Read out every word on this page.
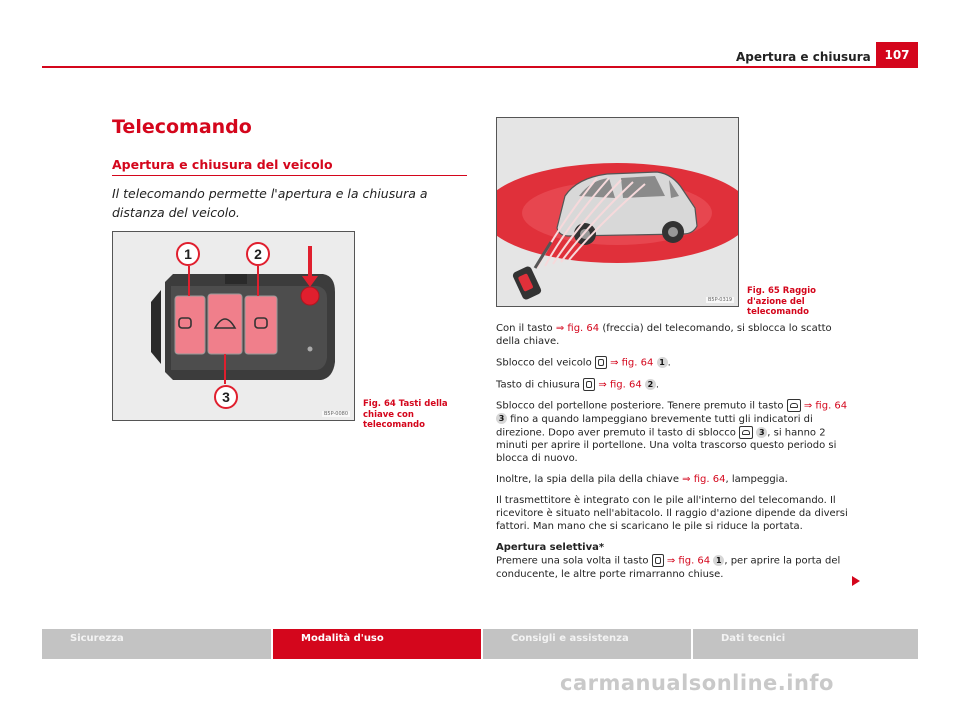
Apertura e chiusura	107
Telecomando
Apertura e chiusura del veicolo
Il telecomando permette l'apertura e la chiusura a distanza del veicolo.
1	2
3
B5P-0080
Fig. 64 Tasti della chiave con telecomando
B5P-0319
Fig. 65 Raggio d'azione del telecomando

Con il tasto ⇒ fig. 64 (freccia) del telecomando, si sblocca lo scatto della chiave.

Sblocco del veicolo  ⇒ fig. 64 1 .

Tasto di chiusura  ⇒ fig. 64 2 .

Sblocco del portellone posteriore. Tenere premuto il tasto  ⇒ fig. 64 3 fino a quando lampeggiano brevemente tutti gli indicatori di direzione. Dopo aver premuto il tasto di sblocco  3 , si hanno 2 minuti per aprire il portellone. Una volta trascorso questo periodo si blocca di nuovo.

Inoltre, la spia della pila della chiave ⇒ fig. 64, lampeggia.

Il trasmettitore è integrato con le pile all'interno del telecomando. Il ricevitore è situato nell'abitacolo. Il raggio d'azione dipende da diversi fattori. Man mano che si scaricano le pile si riduce la portata.

Apertura selettiva*

Premere una sola volta il tasto  ⇒ fig. 64 1 , per aprire la porta del conducente, le altre porte rimarranno chiuse.

Sicurezza	Modalità d'uso	Consigli e assistenza	Dati tecnici
carmanualsonline.info
